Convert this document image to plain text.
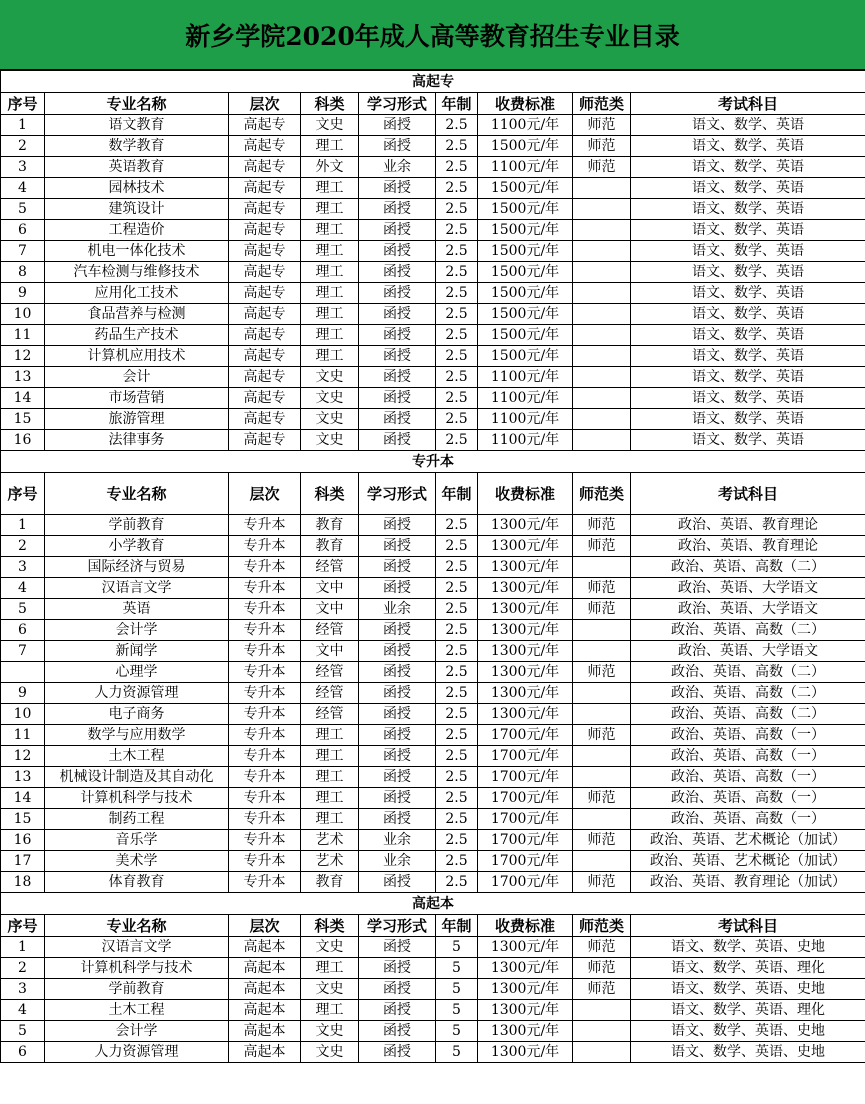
新乡学院2020年成人高等教育招生专业目录
高起专								
序号	专业名称	层次	科类	学习形式	年制	收费标准	师范类	考试科目
1	语文教育	高起专	文史	函授	2.5	1100元/年	师范	语文、数学、英语
2	数学教育	高起专	理工	函授	2.5	1500元/年	师范	语文、数学、英语
3	英语教育	高起专	外文	业余	2.5	1100元/年	师范	语文、数学、英语
4	园林技术	高起专	理工	函授	2.5	1500元/年		语文、数学、英语
5	建筑设计	高起专	理工	函授	2.5	1500元/年		语文、数学、英语
6	工程造价	高起专	理工	函授	2.5	1500元/年		语文、数学、英语
7	机电一体化技术	高起专	理工	函授	2.5	1500元/年		语文、数学、英语
8	汽车检测与维修技术	高起专	理工	函授	2.5	1500元/年		语文、数学、英语
9	应用化工技术	高起专	理工	函授	2.5	1500元/年		语文、数学、英语
10	食品营养与检测	高起专	理工	函授	2.5	1500元/年		语文、数学、英语
11	药品生产技术	高起专	理工	函授	2.5	1500元/年		语文、数学、英语
12	计算机应用技术	高起专	理工	函授	2.5	1500元/年		语文、数学、英语
13	会计	高起专	文史	函授	2.5	1100元/年		语文、数学、英语
14	市场营销	高起专	文史	函授	2.5	1100元/年		语文、数学、英语
15	旅游管理	高起专	文史	函授	2.5	1100元/年		语文、数学、英语
16	法律事务	高起专	文史	函授	2.5	1100元/年		语文、数学、英语
专升本								
序号	专业名称	层次	科类	学习形式	年制	收费标准	师范类	考试科目
1	学前教育	专升本	教育	函授	2.5	1300元/年	师范	政治、英语、教育理论
2	小学教育	专升本	教育	函授	2.5	1300元/年	师范	政治、英语、教育理论
3	国际经济与贸易	专升本	经管	函授	2.5	1300元/年		政治、英语、高数（二）
4	汉语言文学	专升本	文中	函授	2.5	1300元/年	师范	政治、英语、大学语文
5	英语	专升本	文中	业余	2.5	1300元/年	师范	政治、英语、大学语文
6	会计学	专升本	经管	函授	2.5	1300元/年		政治、英语、高数（二）
7	新闻学	专升本	文中	函授	2.5	1300元/年		政治、英语、大学语文
	心理学	专升本	经管	函授	2.5	1300元/年	师范	政治、英语、高数（二）
9	人力资源管理	专升本	经管	函授	2.5	1300元/年		政治、英语、高数（二）
10	电子商务	专升本	经管	函授	2.5	1300元/年		政治、英语、高数（二）
11	数学与应用数学	专升本	理工	函授	2.5	1700元/年	师范	政治、英语、高数（一）
12	土木工程	专升本	理工	函授	2.5	1700元/年		政治、英语、高数（一）
13	机械设计制造及其自动化	专升本	理工	函授	2.5	1700元/年		政治、英语、高数（一）
14	计算机科学与技术	专升本	理工	函授	2.5	1700元/年	师范	政治、英语、高数（一）
15	制药工程	专升本	理工	函授	2.5	1700元/年		政治、英语、高数（一）
16	音乐学	专升本	艺术	业余	2.5	1700元/年	师范	政治、英语、艺术概论（加试）
17	美术学	专升本	艺术	业余	2.5	1700元/年		政治、英语、艺术概论（加试）
18	体育教育	专升本	教育	函授	2.5	1700元/年	师范	政治、英语、教育理论（加试）
高起本								
序号	专业名称	层次	科类	学习形式	年制	收费标准	师范类	考试科目
1	汉语言文学	高起本	文史	函授	5	1300元/年	师范	语文、数学、英语、史地
2	计算机科学与技术	高起本	理工	函授	5	1300元/年	师范	语文、数学、英语、理化
3	学前教育	高起本	文史	函授	5	1300元/年	师范	语文、数学、英语、史地
4	土木工程	高起本	理工	函授	5	1300元/年		语文、数学、英语、理化
5	会计学	高起本	文史	函授	5	1300元/年		语文、数学、英语、史地
6	人力资源管理	高起本	文史	函授	5	1300元/年		语文、数学、英语、史地
